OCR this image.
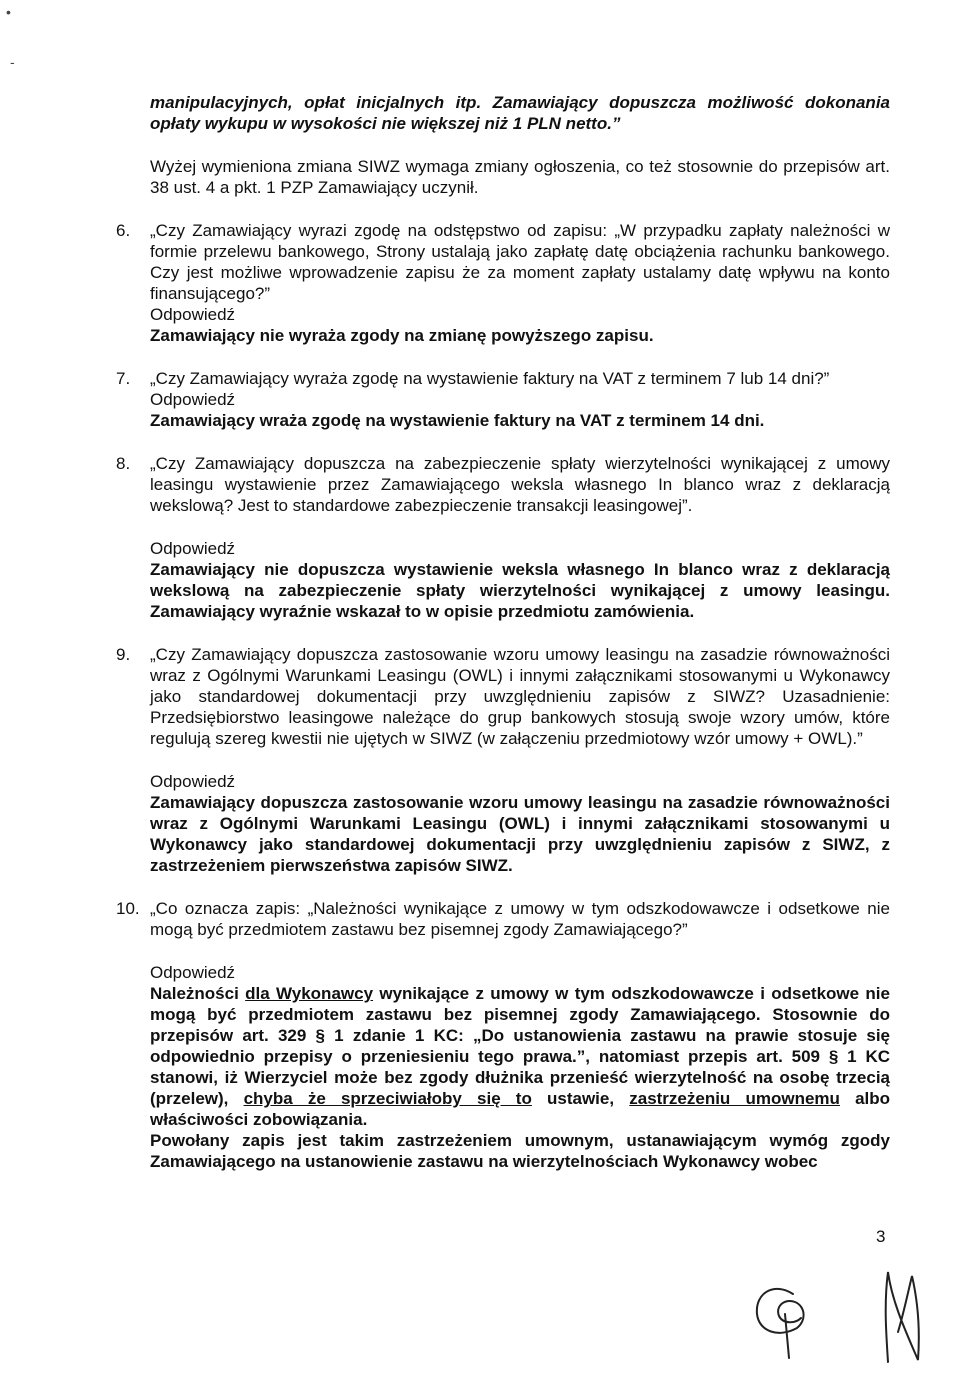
•
-

manipulacyjnych, opłat inicjalnych itp. Zamawiający dopuszcza możliwość dokonania opłaty wykupu w wysokości nie większej niż 1 PLN netto.”

Wyżej wymieniona zmiana SIWZ wymaga zmiany ogłoszenia, co też stosownie do przepisów art. 38 ust. 4 a pkt. 1 PZP Zamawiający uczynił.

6. „Czy Zamawiający wyrazi zgodę na odstępstwo od zapisu: „W przypadku zapłaty należności w formie przelewu bankowego, Strony ustalają jako zapłatę datę obciążenia rachunku bankowego. Czy jest możliwe wprowadzenie zapisu że za moment zapłaty ustalamy datę wpływu na konto finansującego?”

Odpowiedź

Zamawiający nie wyraża zgody na zmianę powyższego zapisu.

7. „Czy Zamawiający wyraża zgodę na wystawienie faktury na VAT z terminem 7 lub 14 dni?”

Odpowiedź

Zamawiający wraża zgodę na wystawienie faktury na VAT z terminem 14 dni.

8. „Czy Zamawiający dopuszcza na zabezpieczenie spłaty wierzytelności wynikającej z umowy leasingu wystawienie przez Zamawiającego weksla własnego In blanco wraz z deklaracją wekslową? Jest to standardowe zabezpieczenie transakcji leasingowej”.

Odpowiedź

Zamawiający nie dopuszcza wystawienie weksla własnego In blanco wraz z deklaracją wekslową na zabezpieczenie spłaty wierzytelności wynikającej z umowy leasingu. Zamawiający wyraźnie wskazał to w opisie przedmiotu zamówienia.

9. „Czy Zamawiający dopuszcza zastosowanie wzoru umowy leasingu na zasadzie równoważności wraz z Ogólnymi Warunkami Leasingu (OWL) i innymi załącznikami stosowanymi u Wykonawcy jako standardowej dokumentacji przy uwzględnieniu zapisów z SIWZ? Uzasadnienie: Przedsiębiorstwo leasingowe należące do grup bankowych stosują swoje wzory umów, które regulują szereg kwestii nie ujętych w SIWZ (w załączeniu przedmiotowy wzór umowy + OWL).”

Odpowiedź

Zamawiający dopuszcza zastosowanie wzoru umowy leasingu na zasadzie równoważności wraz z Ogólnymi Warunkami Leasingu (OWL) i innymi załącznikami stosowanymi u Wykonawcy jako standardowej dokumentacji przy uwzględnieniu zapisów z SIWZ, z zastrzeżeniem pierwszeństwa zapisów SIWZ.

10. „Co oznacza zapis: „Należności wynikające z umowy w tym odszkodowawcze i odsetkowe nie mogą być przedmiotem zastawu bez pisemnej zgody Zamawiającego?”

Odpowiedź

Należności dla Wykonawcy wynikające z umowy w tym odszkodowawcze i odsetkowe nie mogą być przedmiotem zastawu bez pisemnej zgody Zamawiającego. Stosownie do przepisów art. 329 § 1 zdanie 1 KC: „Do ustanowienia zastawu na prawie stosuje się odpowiednio przepisy o przeniesieniu tego prawa.”, natomiast przepis art. 509 § 1 KC stanowi, iż Wierzyciel może bez zgody dłużnika przenieść wierzytelność na osobę trzecią (przelew), chyba że sprzeciwiałoby się to ustawie, zastrzeżeniu umownemu albo właściwości zobowiązania.

Powołany zapis jest takim zastrzeżeniem umownym, ustanawiającym wymóg zgody Zamawiającego na ustanowienie zastawu na wierzytelnościach Wykonawcy wobec

3
